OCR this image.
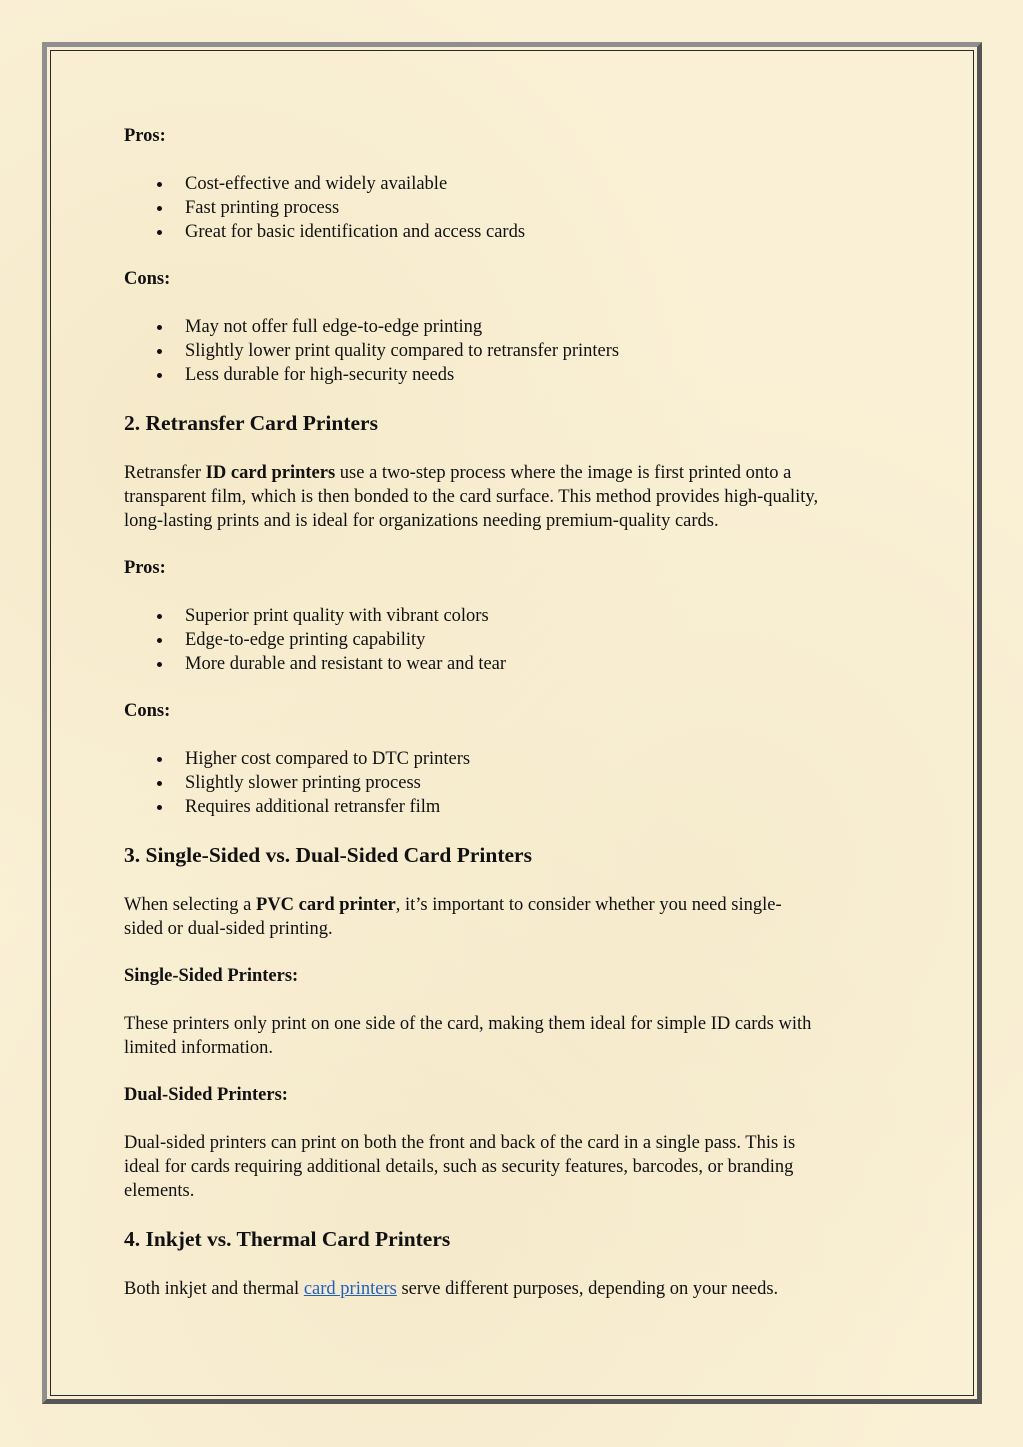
Pros:

Cost-effective and widely available
Fast printing process
Great for basic identification and access cards

Cons:

May not offer full edge-to-edge printing
Slightly lower print quality compared to retransfer printers
Less durable for high-security needs
2. Retransfer Card Printers
Retransfer ID card printers use a two-step process where the image is first printed onto a
transparent film, which is then bonded to the card surface. This method provides high-quality,
long-lasting prints and is ideal for organizations needing premium-quality cards.

Pros:

Superior print quality with vibrant colors
Edge-to-edge printing capability
More durable and resistant to wear and tear

Cons:

Higher cost compared to DTC printers
Slightly slower printing process
Requires additional retransfer film
3. Single-Sided vs. Dual-Sided Card Printers
When selecting a PVC card printer, it’s important to consider whether you need single-
sided or dual-sided printing.

Single-Sided Printers:

These printers only print on one side of the card, making them ideal for simple ID cards with
limited information.

Dual-Sided Printers:

Dual-sided printers can print on both the front and back of the card in a single pass. This is
ideal for cards requiring additional details, such as security features, barcodes, or branding
elements.
4. Inkjet vs. Thermal Card Printers
Both inkjet and thermal card printers serve different purposes, depending on your needs.
